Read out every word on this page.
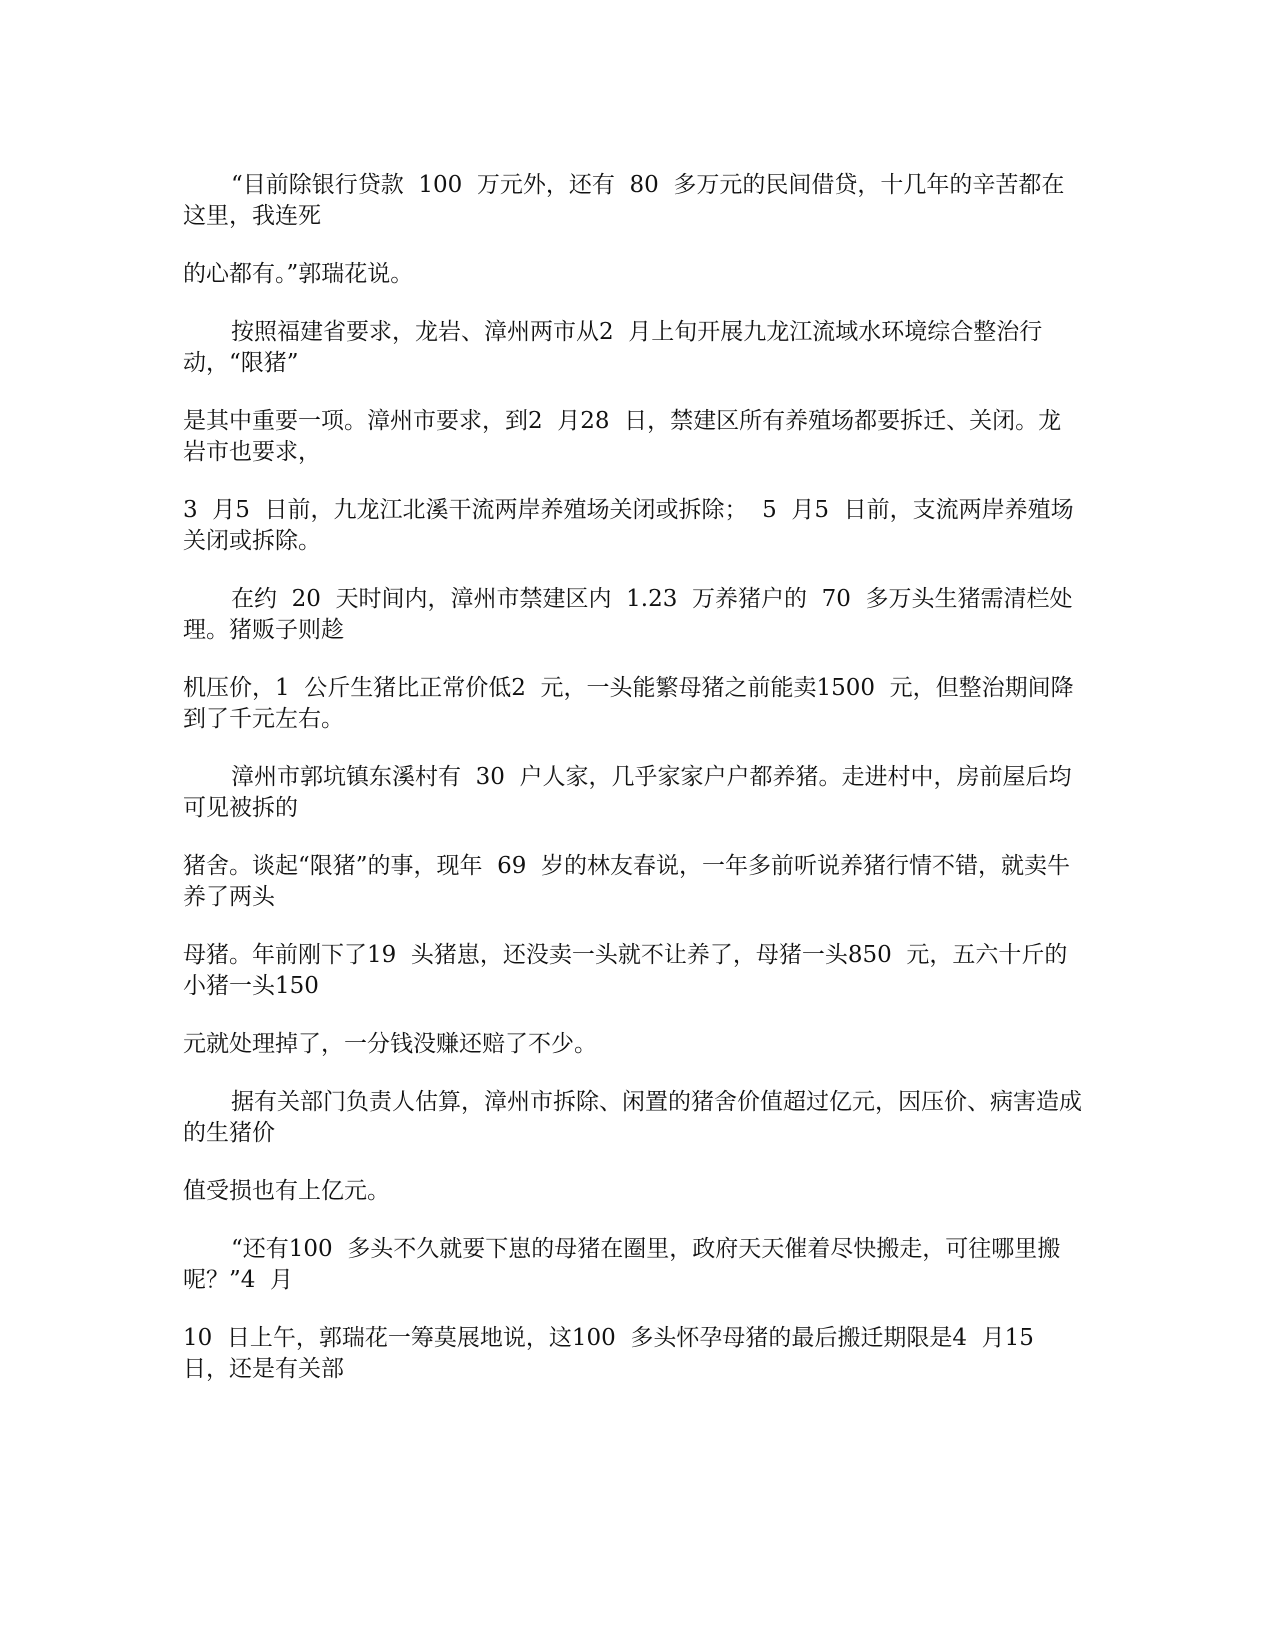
“目前除银行贷款  100  万元外，还有  80  多万元的民间借贷，十几年的辛苦都在这里，我连死

的心都有。”郭瑞花说。

按照福建省要求，龙岩、漳州两市从2  月上旬开展九龙江流域水环境综合整治行动，“限猪”

是其中重要一项。漳州市要求，到2  月28  日，禁建区所有养殖场都要拆迁、关闭。龙岩市也要求，

3  月5  日前，九龙江北溪干流两岸养殖场关闭或拆除；  5  月5  日前，支流两岸养殖场关闭或拆除。

在约  20  天时间内，漳州市禁建区内  1.23  万养猪户的  70  多万头生猪需清栏处理。猪贩子则趁

机压价，1  公斤生猪比正常价低2  元，一头能繁母猪之前能卖1500  元，但整治期间降到了千元左右。

漳州市郭坑镇东溪村有  30  户人家，几乎家家户户都养猪。走进村中，房前屋后均可见被拆的

猪舍。谈起“限猪”的事，现年  69  岁的林友春说，一年多前听说养猪行情不错，就卖牛养了两头

母猪。年前刚下了19  头猪崽，还没卖一头就不让养了，母猪一头850  元，五六十斤的小猪一头150

元就处理掉了，一分钱没赚还赔了不少。

据有关部门负责人估算，漳州市拆除、闲置的猪舍价值超过亿元，因压价、病害造成的生猪价

值受损也有上亿元。

“还有100  多头不久就要下崽的母猪在圈里，政府天天催着尽快搬走，可往哪里搬呢？”4  月

10  日上午，郭瑞花一筹莫展地说，这100  多头怀孕母猪的最后搬迁期限是4  月15  日，还是有关部
